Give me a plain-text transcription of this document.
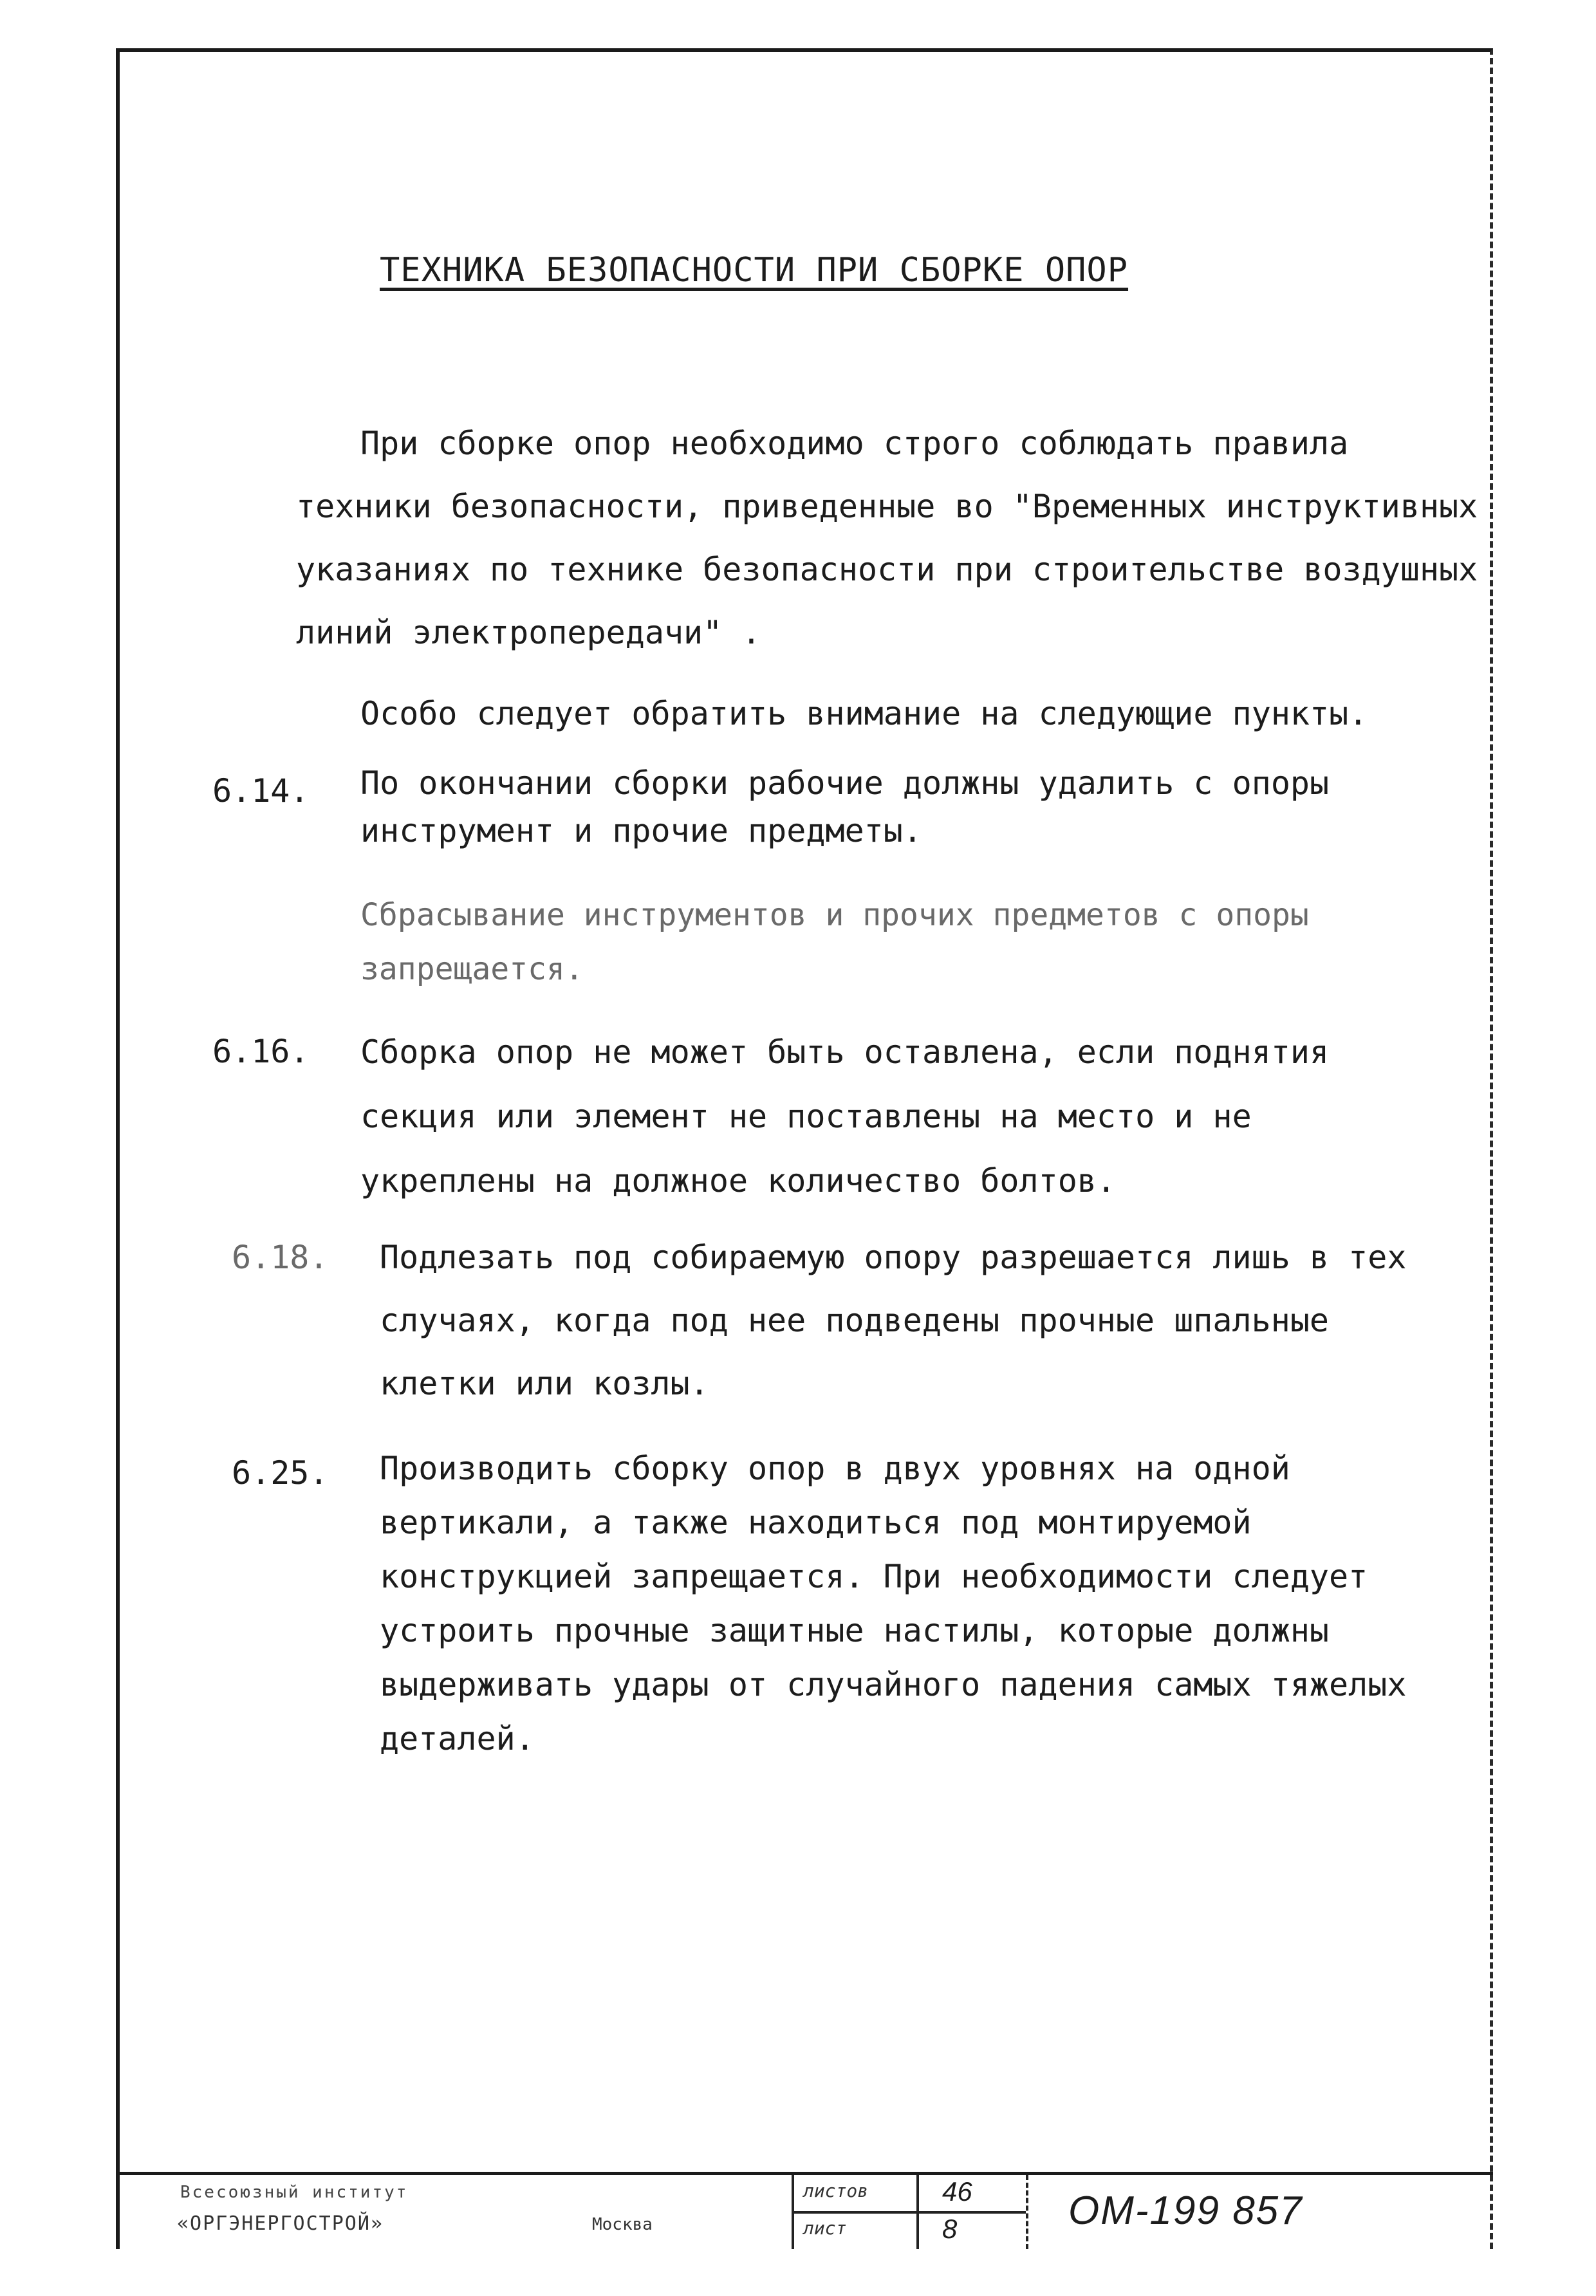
ТЕХНИКА БЕЗОПАСНОСТИ ПРИ СБОРКЕ ОПОР
При сборке опор необходимо строго соблюдать правила техники безопасности, приведенные во "Временных инструктивных указаниях по технике безопасности при строительстве воздушных линий электропередачи" .
Особо следует обратить внимание на следующие пункты.
6.14. По окончании сборки рабочие должны удалить с опоры инструмент и прочие предметы.
Сбрасывание инструментов и прочих предметов с опоры запрещается.
6.16. Сборка опор не может быть оставлена, если поднятия секция или элемент не поставлены на место и не укреплены на должное количество болтов.
6.18. Подлезать под собираемую опору разрешается лишь в тех случаях, когда под нее подведены прочные шпальные клетки или козлы.
6.25. Производить сборку опор в двух уровнях на одной вертикали, а также находиться под монтируемой конструкцией запрещается. При необходимости следует устроить прочные защитные настилы, которые должны выдерживать удары от случайного падения самых тяжелых деталей.
Всесоюзный институт
«ОРГЭНЕРГОСТРОЙ»	Москва
листов	46
лист	8	ОМ-199 857
